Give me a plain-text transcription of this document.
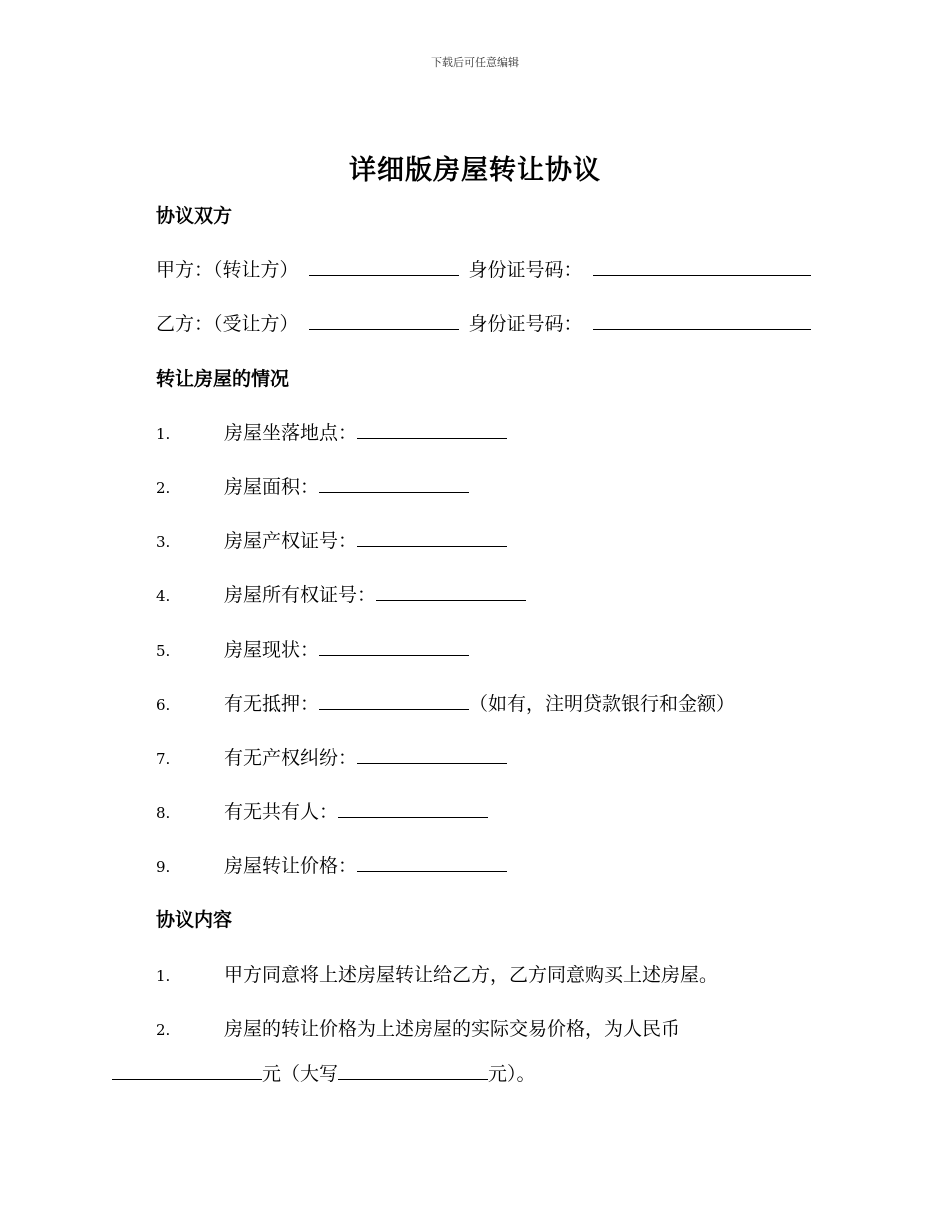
下载后可任意编辑
详细版房屋转让协议
协议双方
甲方：（转让方）	身份证号码：
乙方：（受让方）	身份证号码：
转让房屋的情况
1.	房屋坐落地点：
2.	房屋面积：
3.	房屋产权证号：
4.	房屋所有权证号：
5.	房屋现状：
6.	有无抵押：	（如有，注明贷款银行和金额）
7.	有无产权纠纷：
8.	有无共有人：
9.	房屋转让价格：
协议内容
1.	甲方同意将上述房屋转让给乙方，乙方同意购买上述房屋。
2.	房屋的转让价格为上述房屋的实际交易价格，为人民币
元（大写	元）。
